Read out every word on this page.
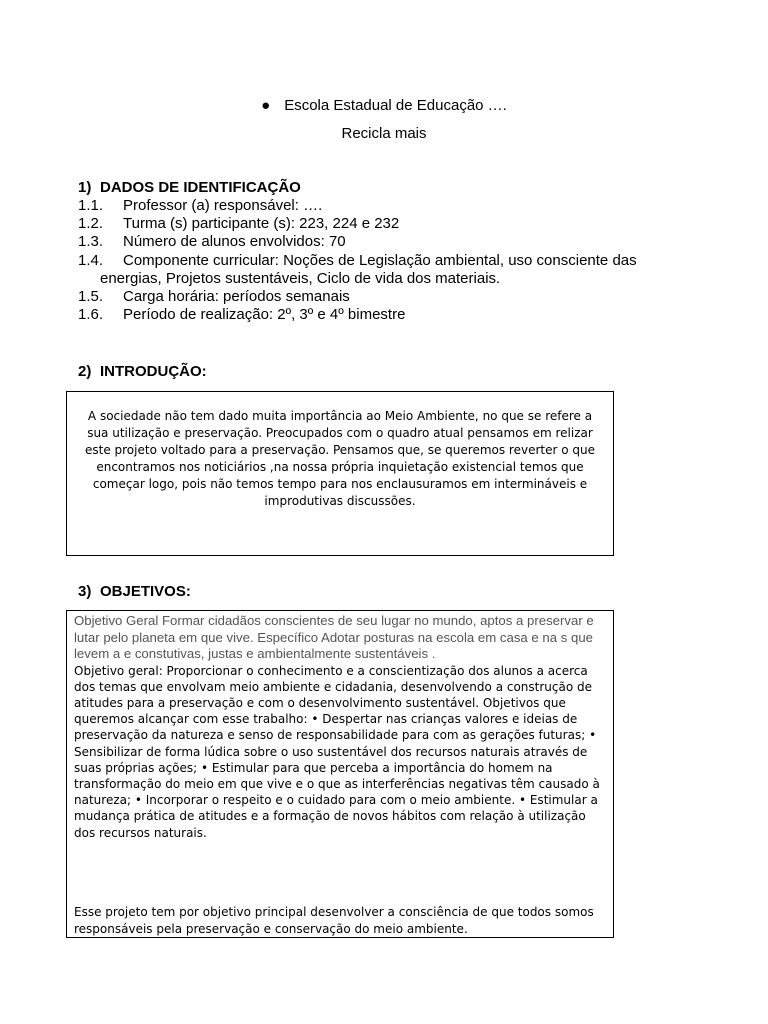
● Escola Estadual de Educação ….
Recicla mais
1) DADOS DE IDENTIFICAÇÃO
1.1.	Professor (a) responsável: ….
1.2.	Turma (s) participante (s): 223, 224 e 232
1.3.	Número de alunos envolvidos: 70
1.4.	Componente curricular: Noções de Legislação ambiental, uso consciente das
energias, Projetos sustentáveis, Ciclo de vida dos materiais.
1.5.	Carga horária: períodos semanais
1.6.	Período de realização: 2º, 3º e 4º bimestre
2) INTRODUÇÃO:
A sociedade não tem dado muita importância ao Meio Ambiente, no que se refere a sua utilização e preservação. Preocupados com o quadro atual pensamos em relizar este projeto voltado para a preservação. Pensamos que, se queremos reverter o que encontramos nos noticiários ,na nossa própria inquietação existencial temos que começar logo, pois não temos tempo para nos enclausuramos em intermináveis e improdutivas discussões.
3) OBJETIVOS:
Objetivo Geral Formar cidadãos conscientes de seu lugar no mundo, aptos a preservar e lutar pelo planeta em que vive. Específico Adotar posturas na escola em casa e na s que levem a e constutivas, justas e ambientalmente sustentáveis .
Objetivo geral: Proporcionar o conhecimento e a conscientização dos alunos a acerca dos temas que envolvam meio ambiente e cidadania, desenvolvendo a construção de atitudes para a preservação e com o desenvolvimento sustentável. Objetivos que queremos alcançar com esse trabalho: • Despertar nas crianças valores e ideias de preservação da natureza e senso de responsabilidade para com as gerações futuras; • Sensibilizar de forma lúdica sobre o uso sustentável dos recursos naturais através de suas próprias ações; • Estimular para que perceba a importância do homem na transformação do meio em que vive e o que as interferências negativas têm causado à natureza; • Incorporar o respeito e o cuidado para com o meio ambiente. • Estimular a mudança prática de atitudes e a formação de novos hábitos com relação à utilização dos recursos naturais.
Esse projeto tem por objetivo principal desenvolver a consciência de que todos somos responsáveis pela preservação e conservação do meio ambiente.
